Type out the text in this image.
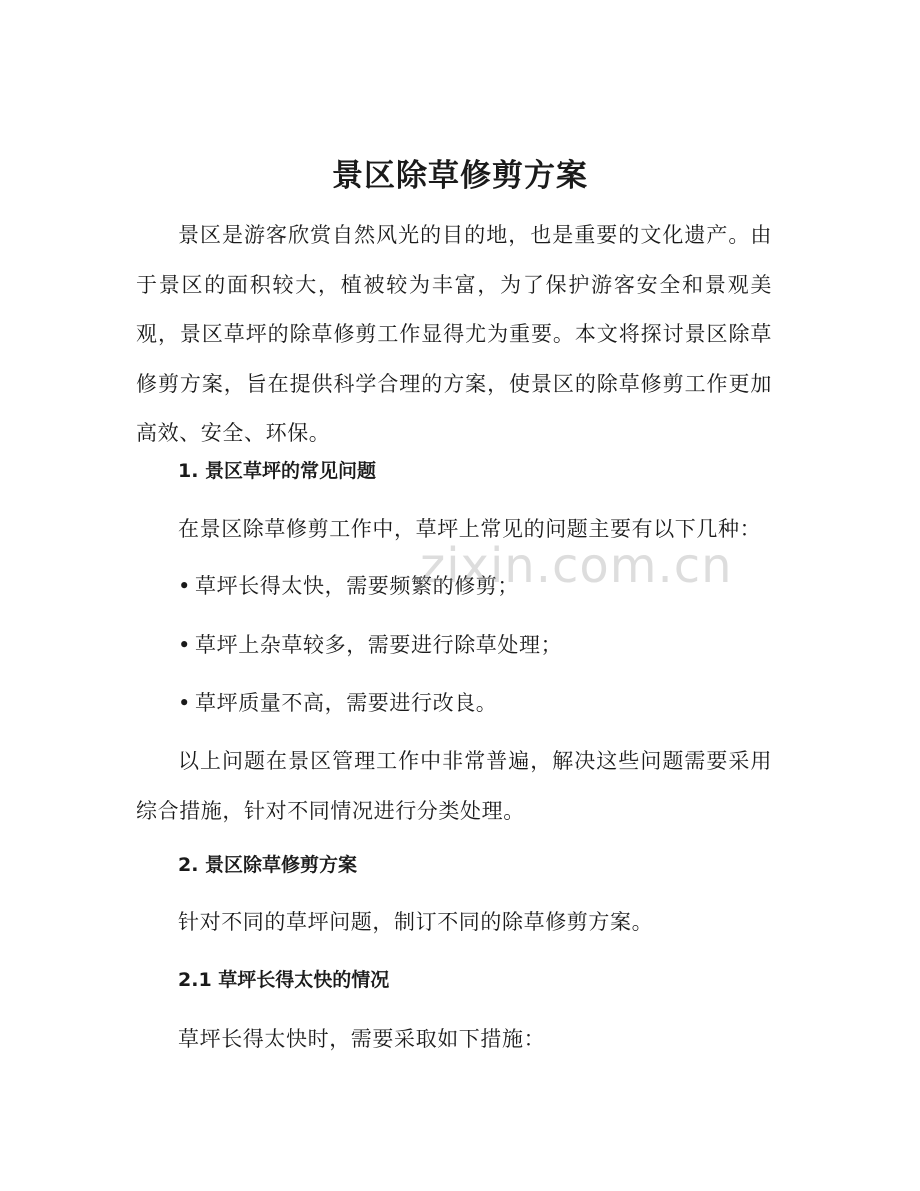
景区除草修剪方案
景区是游客欣赏自然风光的目的地，也是重要的文化遗产。由于景区的面积较大，植被较为丰富，为了保护游客安全和景观美观，景区草坪的除草修剪工作显得尤为重要。本文将探讨景区除草修剪方案，旨在提供科学合理的方案，使景区的除草修剪工作更加高效、安全、环保。
1. 景区草坪的常见问题
在景区除草修剪工作中，草坪上常见的问题主要有以下几种：
• 草坪长得太快，需要频繁的修剪；
• 草坪上杂草较多，需要进行除草处理；
• 草坪质量不高，需要进行改良。
以上问题在景区管理工作中非常普遍，解决这些问题需要采用综合措施，针对不同情况进行分类处理。
2. 景区除草修剪方案
针对不同的草坪问题，制订不同的除草修剪方案。
2.1 草坪长得太快的情况
草坪长得太快时，需要采取如下措施：
zixin.com.cn
